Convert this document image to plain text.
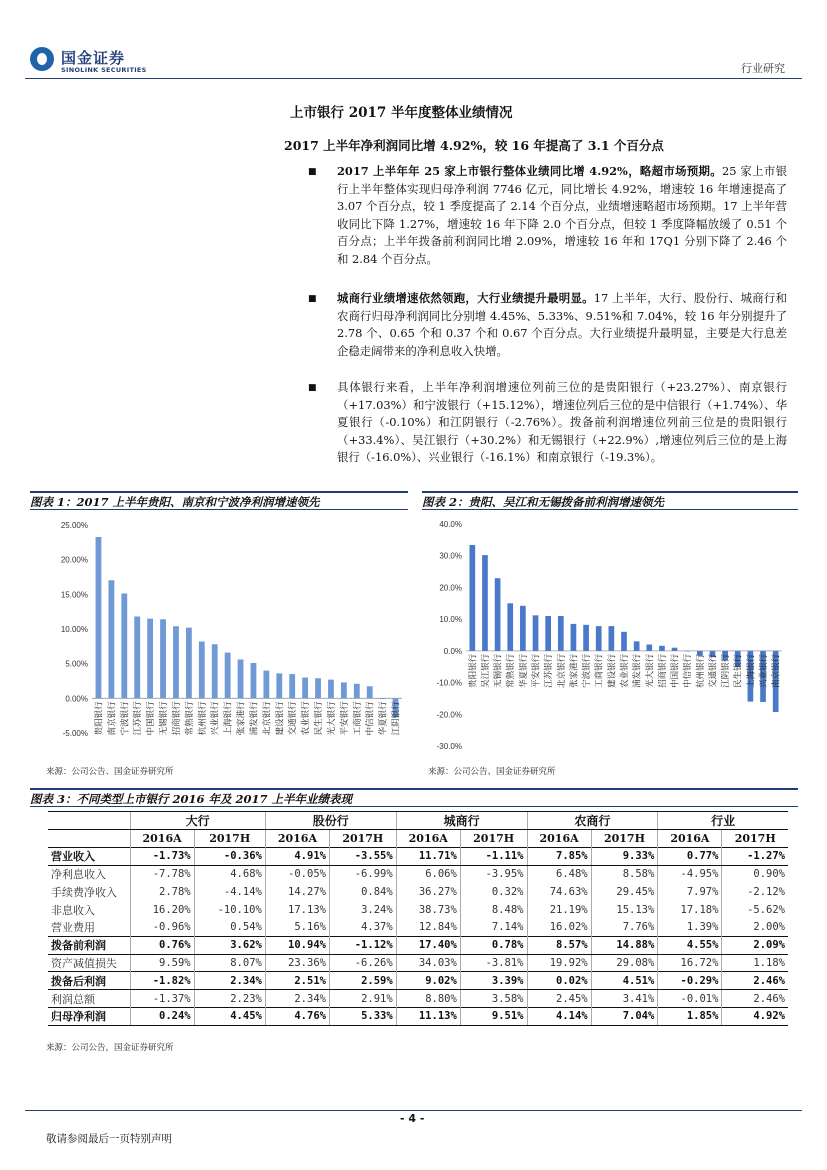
国金证券
SINOLINK SECURITIES	行业研究
上市银行 2017 半年度整体业绩情况
2017 上半年净利润同比增 4.92%，较 16 年提高了 3.1 个百分点
■ 2017 上半年年 25 家上市银行整体业绩同比增 4.92%，略超市场预期。25 家上市银行上半年整体实现归母净利润 7746 亿元，同比增长 4.92%，增速较 16 年增速提高了 3.07 个百分点，较 1 季度提高了 2.14 个百分点，业绩增速略超市场预期。17 上半年营收同比下降 1.27%，增速较 16 年下降 2.0 个百分点，但较 1 季度降幅放缓了 0.51 个百分点；上半年拨备前利润同比增 2.09%，增速较 16 年和 17Q1 分别下降了 2.46 个和 2.84 个百分点。
■ 城商行业绩增速依然领跑，大行业绩提升最明显。17 上半年，大行、股份行、城商行和农商行归母净利润同比分别增 4.45%、5.33%、9.51%和 7.04%，较 16 年分别提升了 2.78 个、0.65 个和 0.37 个和 0.67 个百分点。大行业绩提升最明显，主要是大行息差企稳走阔带来的净利息收入快增。
■ 具体银行来看，上半年净利润增速位列前三位的是贵阳银行（+23.27%）、南京银行（+17.03%）和宁波银行（+15.12%），增速位列后三位的是中信银行（+1.74%）、华夏银行（-0.10%）和江阴银行（-2.76%）。拨备前利润增速位列前三位是的贵阳银行（+33.4%）、吴江银行（+30.2%）和无锡银行（+22.9%）,增速位列后三位的是上海银行（-16.0%）、兴业银行（-16.1%）和南京银行（-19.3%）。
图表 1：2017 上半年贵阳、南京和宁波净利润增速领先	图表 2：贵阳、吴江和无锡拨备前利润增速领先
25.00%
20.00%
15.00%
10.00%
5.00%
0.00%
-5.00% 贵阳银行 南京银行 宁波银行 江苏银行 中国银行 无锡银行 招商银行 常熟银行 杭州银行 兴业银行 上海银行 张家港行 浦发银行 北京银行 建设银行 交通银行 农业银行 民生银行 光大银行 平安银行 工商银行 中信银行 华夏银行 江阴银行
40.0%
30.0%
20.0%
10.0%
0.0%
-10.0%
-20.0%
-30.0%
贵阳银行 吴江银行 无锡银行 常熟银行 华夏银行 平安银行 江苏银行 北京银行 张家港行 宁波银行 工商银行 建设银行 农业银行 浦发银行 光大银行 招商银行 中国银行 中信银行 杭州银行 交通银行 江阴银行 民生银行 上海银行 兴业银行 南京银行
来源：公司公告、国金证券研究所	来源：公司公告、国金证券研究所
图表 3：不同类型上市银行 2016 年及 2017 上半年业绩表现
	大行		股份行		城商行		农商行		行业	
	2016A	2017H	2016A	2017H	2016A	2017H	2016A	2017H	2016A	2017H
营业收入	-1.73%	-0.36%	4.91%	-3.55%	11.71%	-1.11%	7.85%	9.33%	0.77%	-1.27%
净利息收入	-7.78%	4.68%	-0.05%	-6.99%	6.06%	-3.95%	6.48%	8.58%	-4.95%	0.90%
手续费净收入	2.78%	-4.14%	14.27%	0.84%	36.27%	0.32%	74.63%	29.45%	7.97%	-2.12%
非息收入	16.20%	-10.10%	17.13%	3.24%	38.73%	8.48%	21.19%	15.13%	17.18%	-5.62%
营业费用	-0.96%	0.54%	5.16%	4.37%	12.84%	7.14%	16.02%	7.76%	1.39%	2.00%
拨备前利润	0.76%	3.62%	10.94%	-1.12%	17.40%	0.78%	8.57%	14.88%	4.55%	2.09%
资产减值损失	9.59%	8.07%	23.36%	-6.26%	34.03%	-3.81%	19.92%	29.08%	16.72%	1.18%
拨备后利润	-1.82%	2.34%	2.51%	2.59%	9.02%	3.39%	0.02%	4.51%	-0.29%	2.46%
利润总额	-1.37%	2.23%	2.34%	2.91%	8.80%	3.58%	2.45%	3.41%	-0.01%	2.46%
归母净利润	0.24%	4.45%	4.76%	5.33%	11.13%	9.51%	4.14%	7.04%	1.85%	4.92%
来源：公司公告，国金证券研究所
- 4 -
敬请参阅最后一页特别声明
